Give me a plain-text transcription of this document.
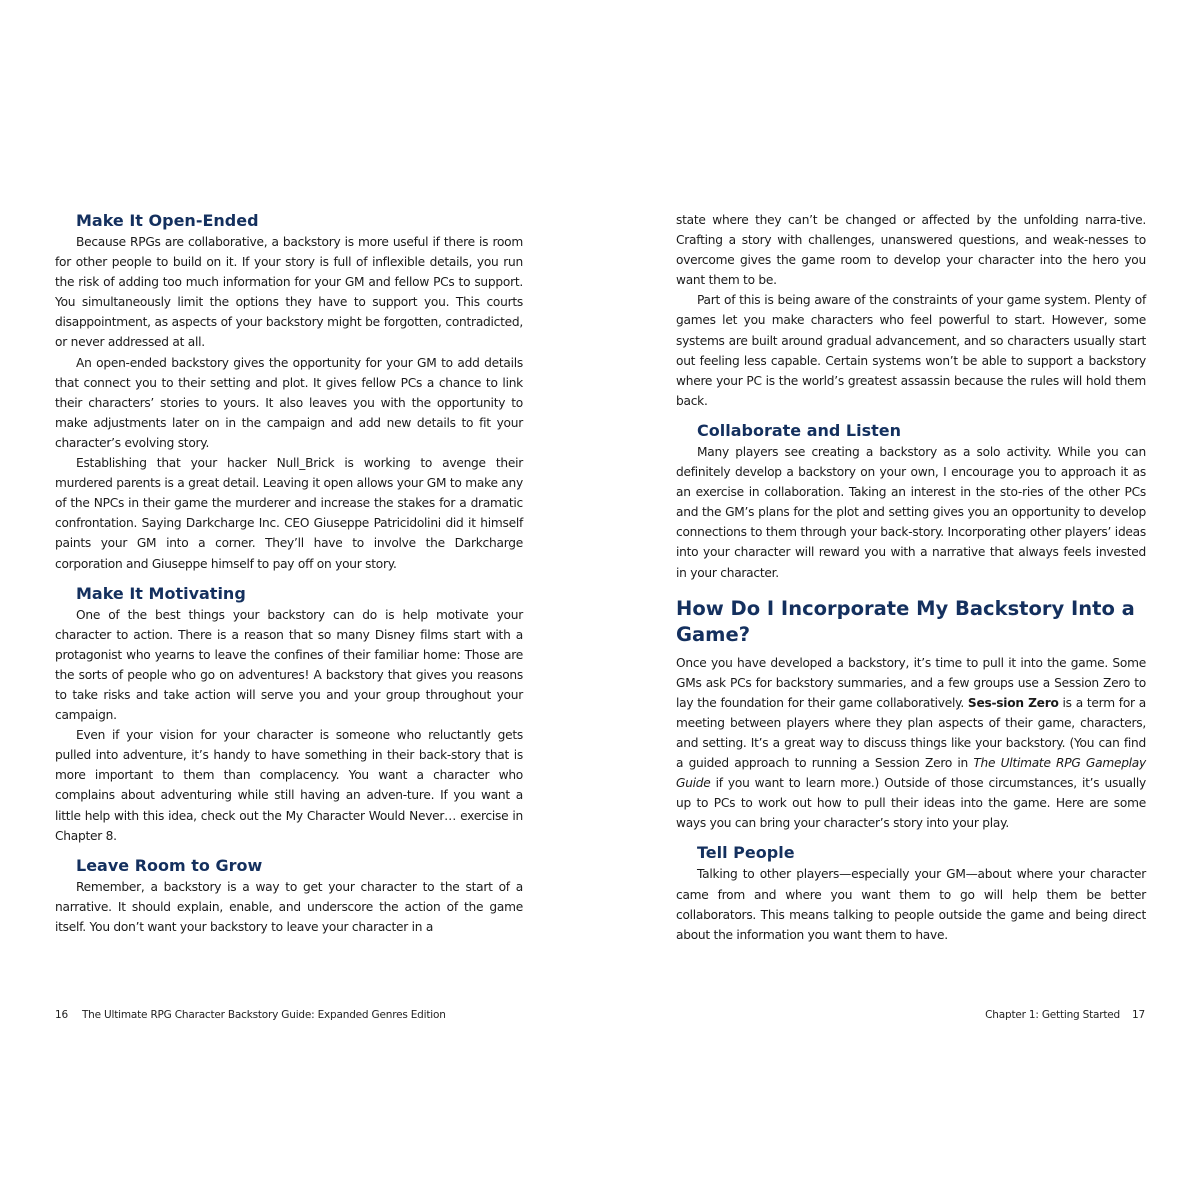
Make It Open-Ended

Because RPGs are collaborative, a backstory is more useful if there is room for other people to build on it. If your story is full of inflexible details, you run the risk of adding too much information for your GM and fellow PCs to support. You simultaneously limit the options they have to support you. This courts disappointment, as aspects of your backstory might be forgotten, contradicted, or never addressed at all.

An open-ended backstory gives the opportunity for your GM to add details that connect you to their setting and plot. It gives fellow PCs a chance to link their characters’ stories to yours. It also leaves you with the opportunity to make adjustments later on in the campaign and add new details to fit your character’s evolving story.

Establishing that your hacker Null_Brick is working to avenge their murdered parents is a great detail. Leaving it open allows your GM to make any of the NPCs in their game the murderer and increase the stakes for a dramatic confrontation. Saying Darkcharge Inc. CEO Giuseppe Patricidolini did it himself paints your GM into a corner. They’ll have to involve the Darkcharge corporation and Giuseppe himself to pay off on your story.

Make It Motivating

One of the best things your backstory can do is help motivate your character to action. There is a reason that so many Disney films start with a protagonist who yearns to leave the confines of their familiar home: Those are the sorts of people who go on adventures! A backstory that gives you reasons to take risks and take action will serve you and your group throughout your campaign.

Even if your vision for your character is someone who reluctantly gets pulled into adventure, it’s handy to have something in their back-story that is more important to them than complacency. You want a character who complains about adventuring while still having an adven-ture. If you want a little help with this idea, check out the My Character Would Never… exercise in Chapter 8.

Leave Room to Grow

Remember, a backstory is a way to get your character to the start of a narrative. It should explain, enable, and underscore the action of the game itself. You don’t want your backstory to leave your character in a

16 The Ultimate RPG Character Backstory Guide: Expanded Genres Edition

state where they can’t be changed or affected by the unfolding narra-tive. Crafting a story with challenges, unanswered questions, and weak-nesses to overcome gives the game room to develop your character into the hero you want them to be.

Part of this is being aware of the constraints of your game system. Plenty of games let you make characters who feel powerful to start. However, some systems are built around gradual advancement, and so characters usually start out feeling less capable. Certain systems won’t be able to support a backstory where your PC is the world’s greatest assassin because the rules will hold them back.

Collaborate and Listen

Many players see creating a backstory as a solo activity. While you can definitely develop a backstory on your own, I encourage you to approach it as an exercise in collaboration. Taking an interest in the sto-ries of the other PCs and the GM’s plans for the plot and setting gives you an opportunity to develop connections to them through your back-story. Incorporating other players’ ideas into your character will reward you with a narrative that always feels invested in your character.

How Do I Incorporate My Backstory Into a Game?

Once you have developed a backstory, it’s time to pull it into the game. Some GMs ask PCs for backstory summaries, and a few groups use a Session Zero to lay the foundation for their game collaboratively. Ses-sion Zero is a term for a meeting between players where they plan aspects of their game, characters, and setting. It’s a great way to discuss things like your backstory. (You can find a guided approach to running a Session Zero in The Ultimate RPG Gameplay Guide if you want to learn more.) Outside of those circumstances, it’s usually up to PCs to work out how to pull their ideas into the game. Here are some ways you can bring your character’s story into your play.

Tell People

Talking to other players—especially your GM—about where your character came from and where you want them to go will help them be better collaborators. This means talking to people outside the game and being direct about the information you want them to have.

Chapter 1: Getting Started 17
